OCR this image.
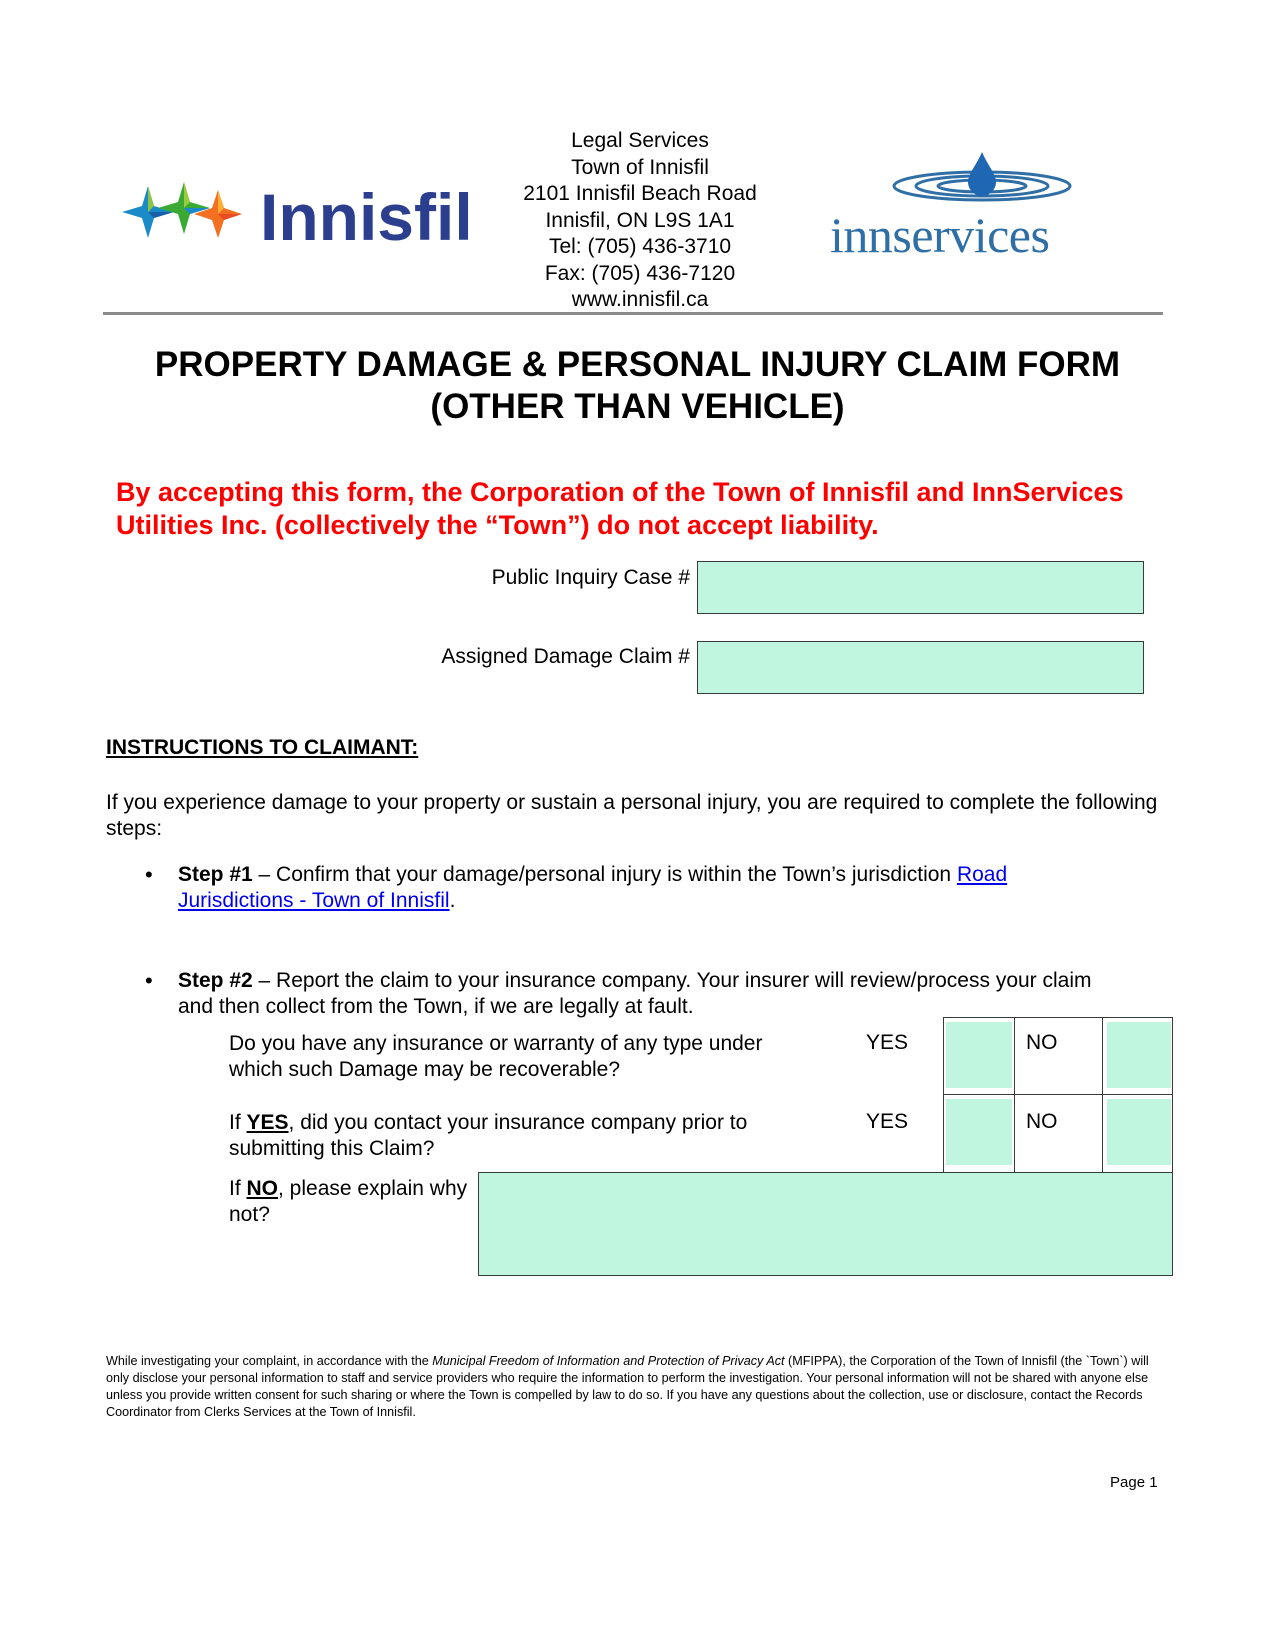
Innisfil
Legal Services
Town of Innisfil
2101 Innisfil Beach Road
Innisfil, ON L9S 1A1
Tel: (705) 436-3710
Fax: (705) 436-7120
www.innisfil.ca
innservices
PROPERTY DAMAGE & PERSONAL INJURY CLAIM FORM
(OTHER THAN VEHICLE)
By accepting this form, the Corporation of the Town of Innisfil and InnServices Utilities Inc. (collectively the “Town”) do not accept liability.
Public Inquiry Case #
Assigned Damage Claim #
INSTRUCTIONS TO CLAIMANT:
If you experience damage to your property or sustain a personal injury, you are required to complete the following steps:
• Step #1 – Confirm that your damage/personal injury is within the Town’s jurisdiction Road Jurisdictions - Town of Innisfil.
• Step #2 – Report the claim to your insurance company. Your insurer will review/process your claim and then collect from the Town, if we are legally at fault.
Do you have any insurance or warranty of any type under which such Damage may be recoverable?
YES	NO
If YES, did you contact your insurance company prior to submitting this Claim?
YES	NO
If NO, please explain why not?
While investigating your complaint, in accordance with the Municipal Freedom of Information and Protection of Privacy Act (MFIPPA), the Corporation of the Town of Innisfil (the `Town`) will only disclose your personal information to staff and service providers who require the information to perform the investigation. Your personal information will not be shared with anyone else unless you provide written consent for such sharing or where the Town is compelled by law to do so. If you have any questions about the collection, use or disclosure, contact the Records Coordinator from Clerks Services at the Town of Innisfil.
Page 1
